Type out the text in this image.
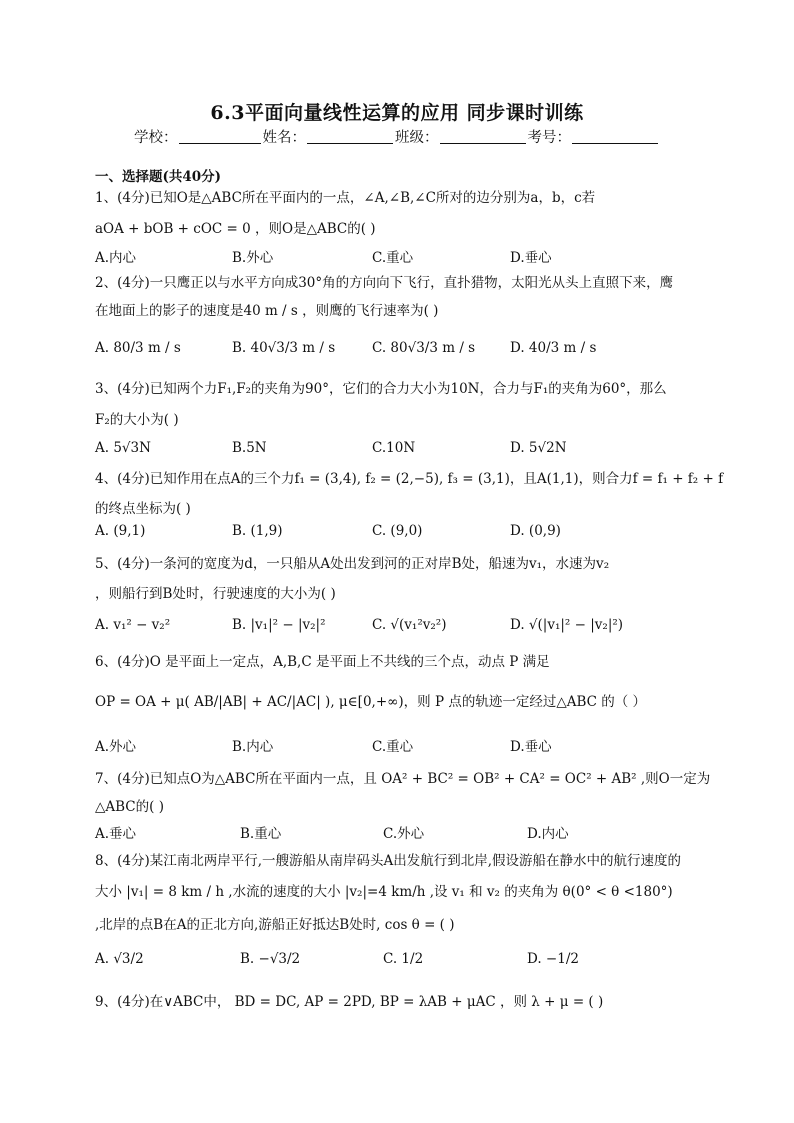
6.3平面向量线性运算的应用 同步课时训练
学校：	姓名：	班级：	考号：
一、选择题(共40分)
1、(4分)已知O是△ABC所在平面内的一点，∠A,∠B,∠C所对的边分别为a，b，c若
aOA + bOB + cOC = 0 ，则O是△ABC的( )
A.内心	B.外心	C.重心	D.垂心
2、(4分)一只鹰正以与水平方向成30°角的方向向下飞行，直扑猎物，太阳光从头上直照下来，鹰
在地面上的影子的速度是40 m / s ，则鹰的飞行速率为( )
A. 80/3 m / s	B. 40√3/3 m / s	C. 80√3/3 m / s	D. 40/3 m / s
3、(4分)已知两个力F₁,F₂的夹角为90°，它们的合力大小为10N，合力与F₁的夹角为60°，那么
F₂的大小为( )
A. 5√3N	B.5N	C.10N	D. 5√2N
4、(4分)已知作用在点A的三个力f₁ = (3,4), f₂ = (2,−5), f₃ = (3,1)，且A(1,1)，则合力f = f₁ + f₂ + f
的终点坐标为( )
A. (9,1)	B. (1,9)	C. (9,0)	D. (0,9)
5、(4分)一条河的宽度为d，一只船从A处出发到河的正对岸B处，船速为v₁，水速为v₂
，则船行到B处时，行驶速度的大小为( )
A. v₁² − v₂²	B. |v₁|² − |v₂|²	C. √(v₁²v₂²)	D. √(|v₁|² − |v₂|²)
6、(4分)O 是平面上一定点，A,B,C 是平面上不共线的三个点，动点 P 满足
OP = OA + μ( AB/|AB| + AC/|AC| ), μ∈[0,+∞)，则 P 点的轨迹一定经过△ABC 的（ ）
A.外心	B.内心	C.重心	D.垂心
7、(4分)已知点O为△ABC所在平面内一点，且 OA² + BC² = OB² + CA² = OC² + AB² ,则O一定为
△ABC的( )
A.垂心	B.重心	C.外心	D.内心
8、(4分)某江南北两岸平行,一艘游船从南岸码头A出发航行到北岸,假设游船在静水中的航行速度的
大小 |v₁| = 8 km / h ,水流的速度的大小 |v₂|=4 km/h ,设 v₁ 和 v₂ 的夹角为 θ(0° < θ <180°)
,北岸的点B在A的正北方向,游船正好抵达B处时, cos θ = ( )
A. √3/2	B. −√3/2	C. 1/2	D. −1/2
9、(4分)在∨ABC中， BD = DC, AP = 2PD, BP = λAB + μAC ，则 λ + μ = ( )
